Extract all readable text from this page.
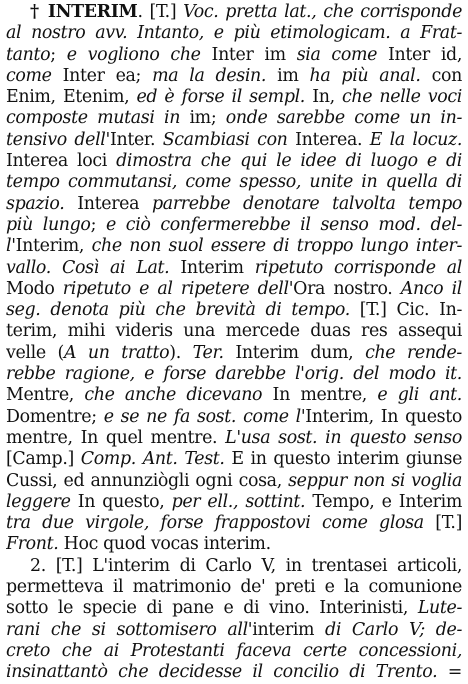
† INTERIM. [T.] Voc. pretta lat., che corrisponde
al nostro avv. Intanto, e più etimologicam. a Frat-
tanto; e vogliono che Inter im sia come Inter id,
come Inter ea; ma la desin. im ha più anal. con
Enim, Etenim, ed è forse il sempl. In, che nelle voci
composte mutasi in im; onde sarebbe come un in-
tensivo dell'Inter. Scambiasi con Interea. E la locuz.
Interea loci dimostra che qui le idee di luogo e di
tempo commutansi, come spesso, unite in quella di
spazio. Interea parrebbe denotare talvolta tempo
più lungo; e ciò confermerebbe il senso mod. del-
l'Interim, che non suol essere di troppo lungo inter-
vallo. Così ai Lat. Interim ripetuto corrisponde al
Modo ripetuto e al ripetere dell'Ora nostro. Anco il
seg. denota più che brevità di tempo. [T.] Cic. In-
terim, mihi videris una mercede duas res assequi
velle (A un tratto). Ter. Interim dum, che rende-
rebbe ragione, e forse darebbe l'orig. del modo it.
Mentre, che anche dicevano In mentre, e gli ant.
Domentre; e se ne fa sost. come l'Interim, In questo
mentre, In quel mentre. L'usa sost. in questo senso
[Camp.] Comp. Ant. Test. E in questo interim giunse
Cussi, ed annunziògli ogni cosa, seppur non si voglia
leggere In questo, per ell., sottint. Tempo, e Interim
tra due virgole, forse frappostovi come glosa [T.]
Front. Hoc quod vocas interim.
2. [T.] L'interim di Carlo V, in trentasei articoli,
permetteva il matrimonio de' preti e la comunione
sotto le specie di pane e di vino. Interinisti, Lute-
rani che si sottomisero all'interim di Carlo V; de-
creto che ai Protestanti faceva certe concessioni,
insinattantò che decidesse il concilio di Trento. =
